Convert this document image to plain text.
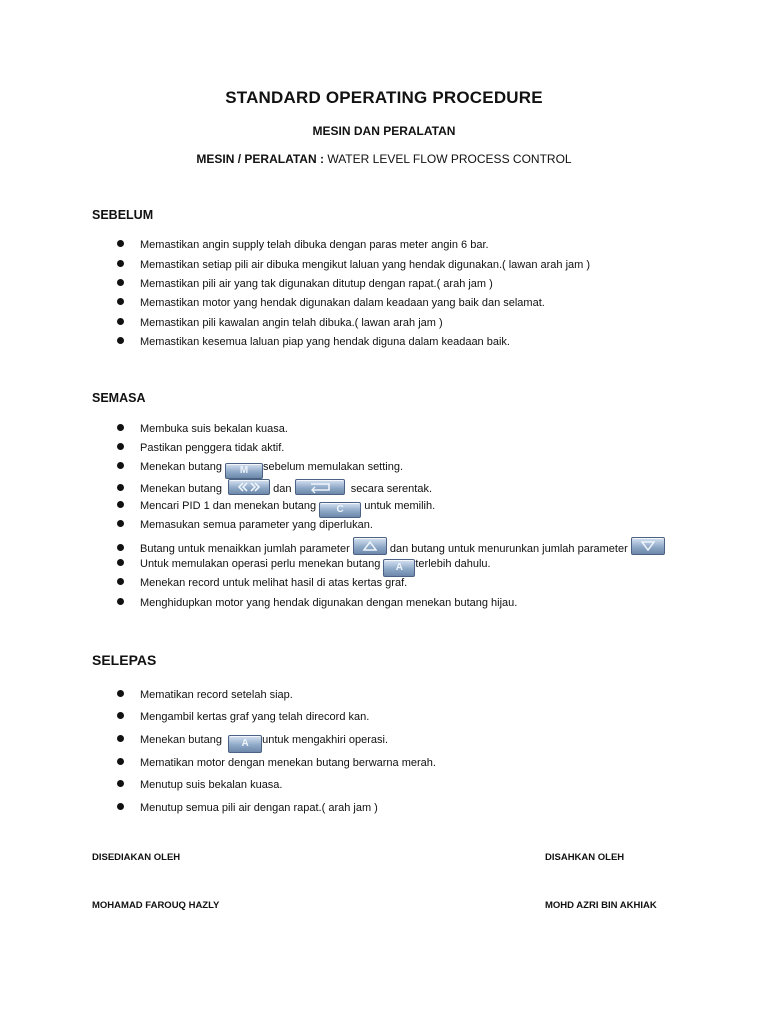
STANDARD OPERATING PROCEDURE
MESIN DAN PERALATAN
MESIN / PERALATAN : WATER LEVEL FLOW PROCESS CONTROL
SEBELUM
Memastikan angin supply telah dibuka dengan paras meter angin 6 bar.
Memastikan setiap pili air dibuka mengikut laluan yang hendak digunakan.( lawan arah jam )
Memastikan pili air yang tak digunakan ditutup dengan rapat.( arah jam )
Memastikan motor yang hendak digunakan dalam keadaan yang baik dan selamat.
Memastikan pili kawalan angin telah dibuka.( lawan arah jam )
Memastikan kesemua laluan piap yang hendak diguna dalam keadaan baik.
SEMASA
Membuka suis bekalan kuasa.
Pastikan penggera tidak aktif.
Menekan butang M sebelum memulakan setting.
Menekan butang	dan	secara serentak.
Mencari PID 1 dan menekan butang C untuk memilih.
Memasukan semua parameter yang diperlukan.
Butang untuk menaikkan jumlah parameter	dan butang untuk menurunkan jumlah parameter
Untuk memulakan operasi perlu menekan butang A terlebih dahulu.
Menekan record untuk melihat hasil di atas kertas graf.
Menghidupkan motor yang hendak digunakan dengan menekan butang hijau.
SELEPAS
Mematikan record setelah siap.
Mengambil kertas graf yang telah direcord kan.
Menekan butang A untuk mengakhiri operasi.
Mematikan motor dengan menekan butang berwarna merah.
Menutup suis bekalan kuasa.
Menutup semua pili air dengan rapat.( arah jam )
DISEDIAKAN OLEH	DISAHKAN OLEH
MOHAMAD FAROUQ HAZLY	MOHD AZRI BIN AKHIAK
